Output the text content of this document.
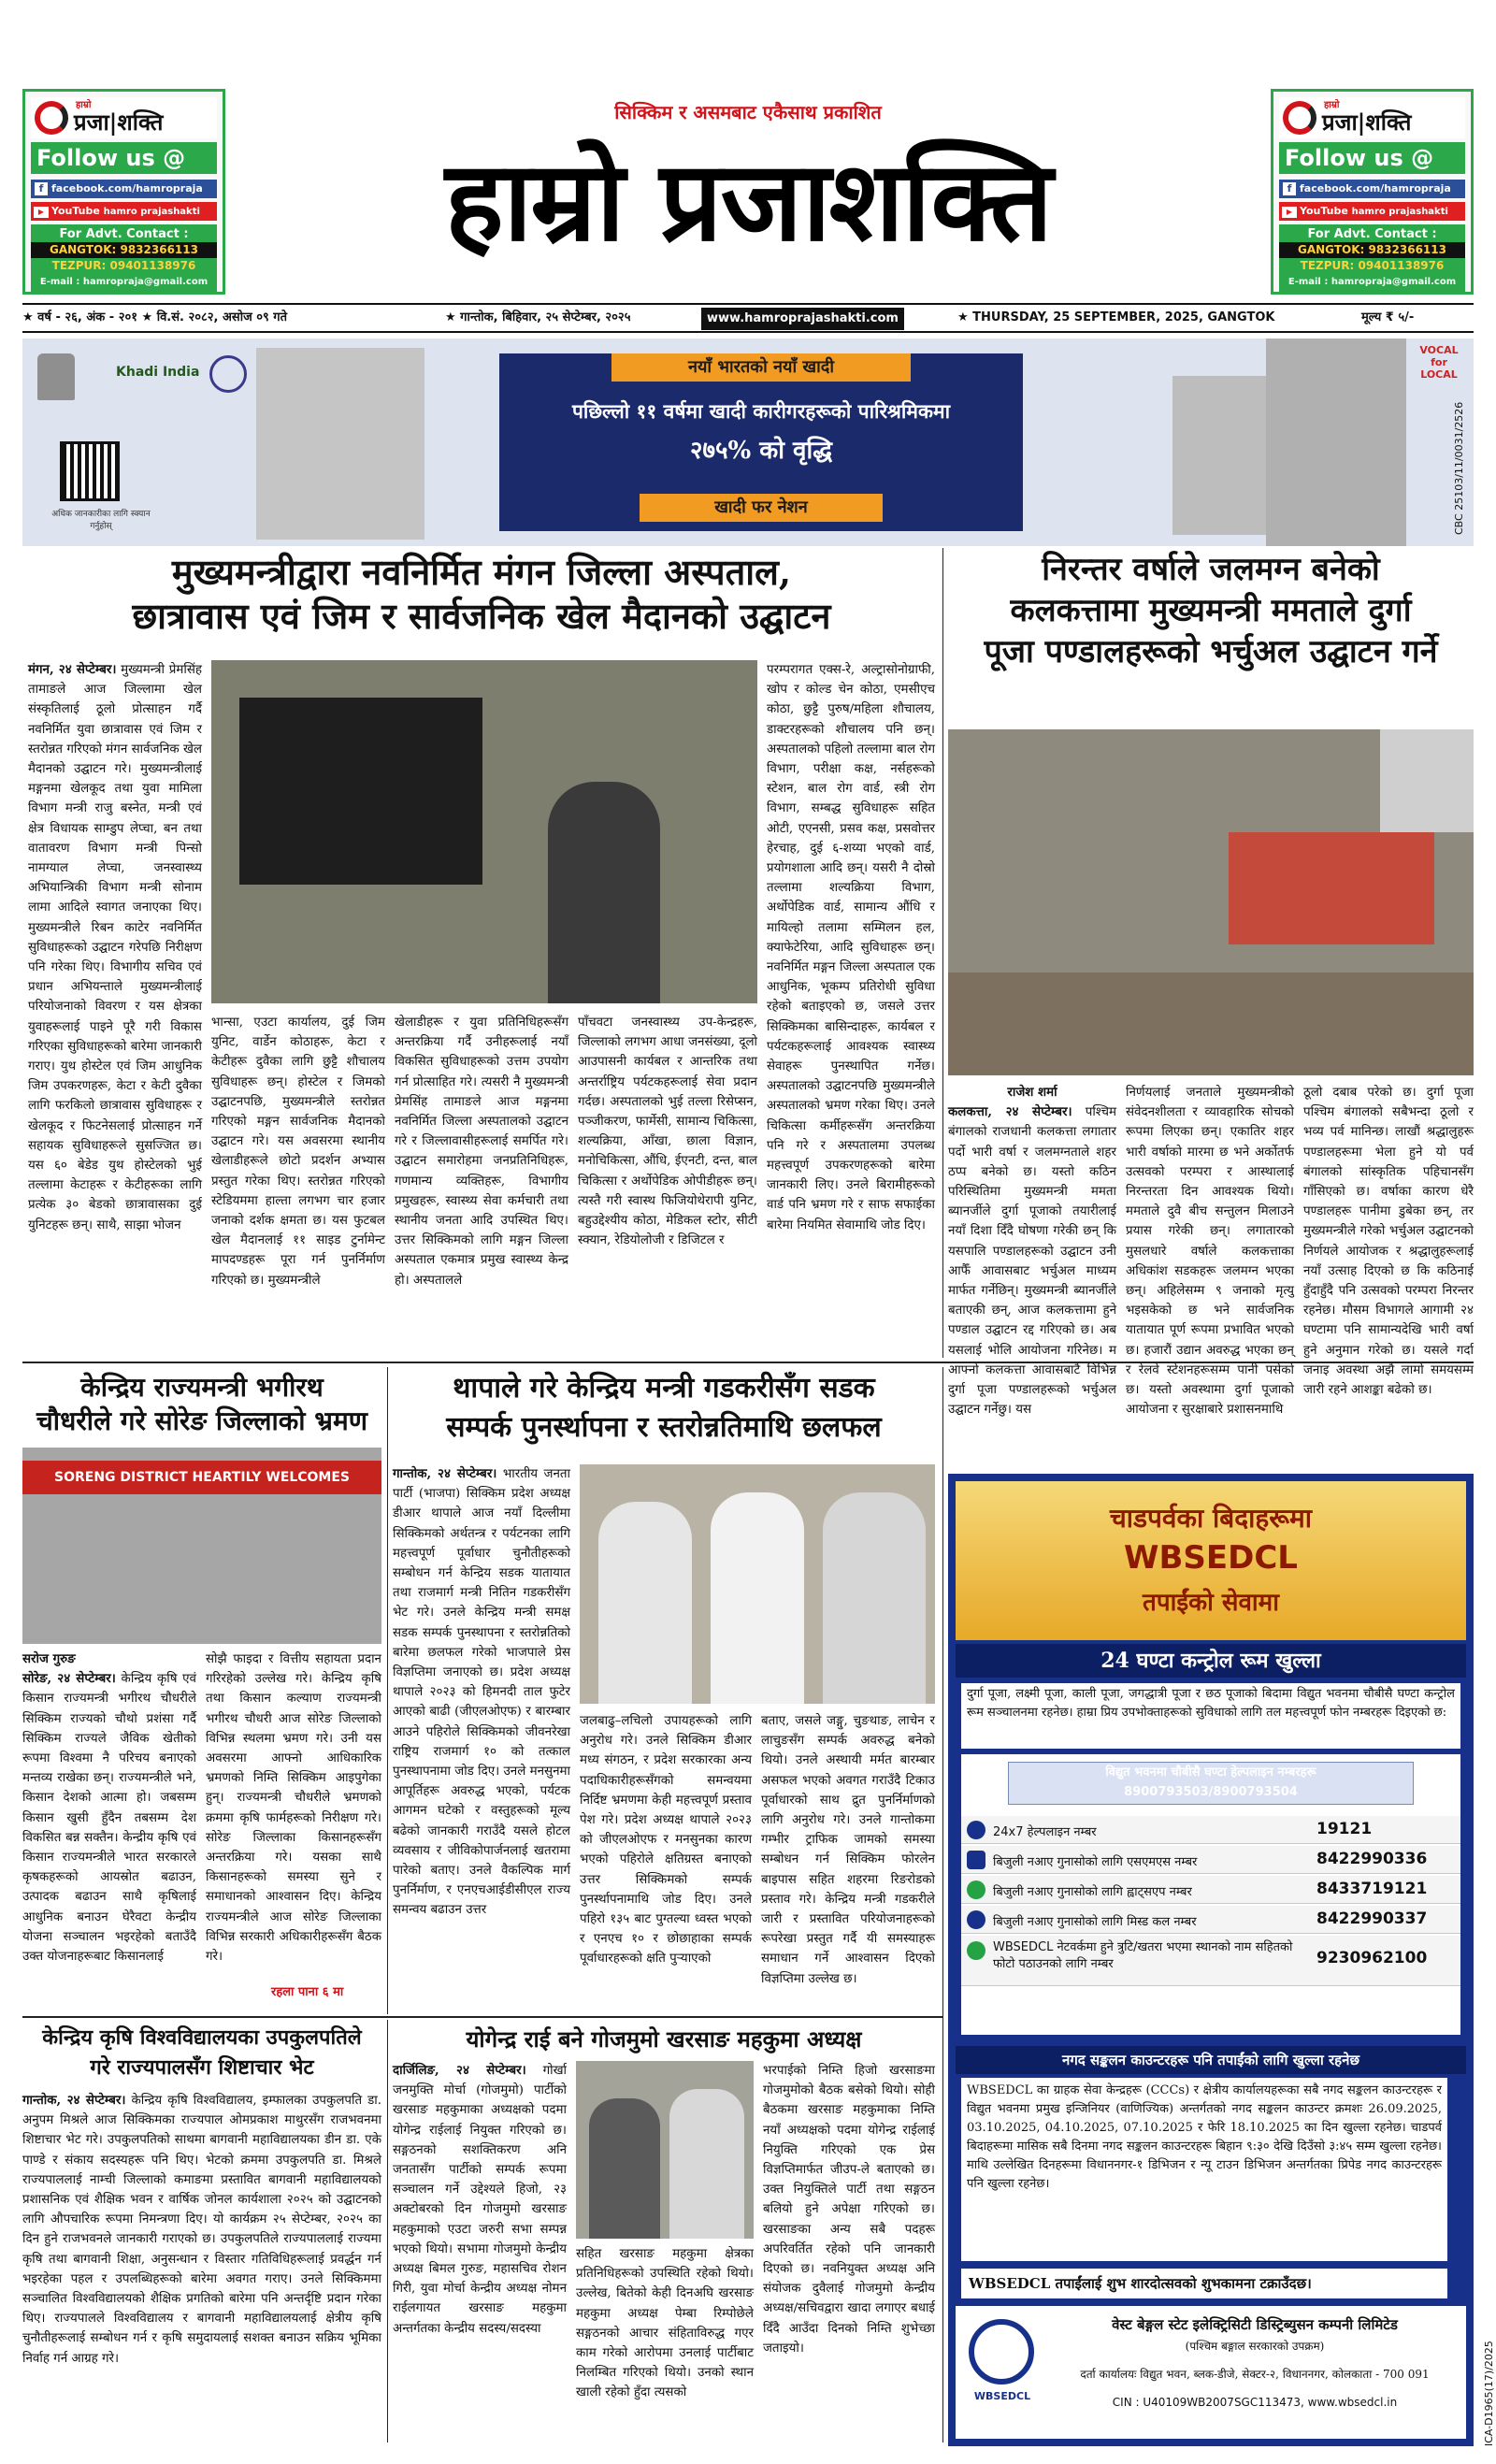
हाम्रो
प्रजा|शक्ति
Follow us @
f facebook.com/hamropraja
▶ YouTube hamro prajashakti
For Advt. Contact :
GANGTOK: 9832366113
TEZPUR: 09401138976
E-mail : hamropraja@gmail.com
हाम्रो
प्रजा|शक्ति
Follow us @
f facebook.com/hamropraja
▶ YouTube hamro prajashakti
For Advt. Contact :
GANGTOK: 9832366113
TEZPUR: 09401138976
E-mail : hamropraja@gmail.com
सिक्किम र असमबाट एकैसाथ प्रकाशित
हाम्रो प्रजाशक्ति
★ वर्ष - २६, अंक - २०१ ★ वि.सं. २०८२, असोज ०९ गते	★ गान्तोक, बिहिवार, २५ सेप्टेम्बर, २०२५	www.hamroprajashakti.com	★ THURSDAY, 25 SEPTEMBER, 2025, GANGTOK	मूल्य ₹ ५/-
Khadi India
अधिक जानकारीका लागि स्क्यान गर्नुहोस्
नयाँ भारतको नयाँ खादी
पछिल्लो ११ वर्षमा खादी कारीगरहरूको पारिश्रमिकमा
२७५% को वृद्धि
खादी फर नेशन
VOCAL for LOCAL
CBC 25103/11/0031/2526
मुख्यमन्त्रीद्वारा नवनिर्मित मंगन जिल्ला अस्पताल,
छात्रावास एवं जिम र सार्वजनिक खेल मैदानको उद्घाटन
मंगन, २४ सेप्टेम्बर। मुख्यमन्त्री प्रेमसिंह तामाङले आज जिल्लामा खेल संस्कृतिलाई ठूलो प्रोत्साहन गर्दै नवनिर्मित युवा छात्रावास एवं जिम र स्तरोन्नत गरिएको मंगन सार्वजनिक खेल मैदानको उद्घाटन गरे। मुख्यमन्त्रीलाई मङ्गनमा खेलकूद तथा युवा मामिला विभाग मन्त्री राजु बस्नेत, मन्त्री एवं क्षेत्र विधायक साम्डुप लेप्चा, बन तथा वातावरण विभाग मन्त्री पिन्सो नामग्याल लेप्चा, जनस्वास्थ्य अभियान्त्रिकी विभाग मन्त्री सोनाम लामा आदिले स्वागत जनाएका थिए। मुख्यमन्त्रीले रिबन काटेर नवनिर्मित सुविधाहरूको उद्घाटन गरेपछि निरीक्षण पनि गरेका थिए। विभागीय सचिव एवं प्रधान अभियन्ताले मुख्यमन्त्रीलाई परियोजनाको विवरण र यस क्षेत्रका युवाहरूलाई पाइने पूरै गरी विकास गरिएका सुविधाहरूको बारेमा जानकारी गराए। युथ होस्टेल एवं जिम आधुनिक जिम उपकरणहरू, केटा र केटी दुवैका लागि फरकिलो छात्रावास सुविधाहरू र खेलकूद र फिटनेसलाई प्रोत्साहन गर्ने सहायक सुविधाहरूले सुसज्जित छ। यस ६० बेडेड युथ होस्टेलको भुई तल्लामा केटाहरू र केटीहरूका लागि प्रत्येक ३० बेडको छात्रावासका दुई युनिटहरू छन्। साथै, साझा भोजन
भान्सा, एउटा कार्यालय, दुई जिम युनिट, वार्डेन कोठाहरू, केटा र केटीहरू दुवैका लागि छुट्टै शौचालय सुविधाहरू छन्। होस्टेल र जिमको उद्घाटनपछि, मुख्यमन्त्रीले स्तरोन्नत गरिएको मङ्गन सार्वजनिक मैदानको उद्घाटन गरे। यस अवसरमा स्थानीय खेलाडीहरूले छोटो प्रदर्शन अभ्यास प्रस्तुत गरेका थिए। स्तरोन्नत गरिएको स्टेडियममा हाल्ता लगभग चार हजार जनाको दर्शक क्षमता छ। यस फुटबल खेल मैदानलाई ११ साइड टुर्नामेन्ट मापदण्डहरू पूरा गर्न पुनर्निर्माण गरिएको छ। मुख्यमन्त्रीले
खेलाडीहरू र युवा प्रतिनिधिहरूसँग अन्तरक्रिया गर्दै उनीहरूलाई नयाँ विकसित सुविधाहरूको उत्तम उपयोग गर्न प्रोत्साहित गरे। त्यसरी नै मुख्यमन्त्री प्रेमसिंह तामाङले आज मङ्गनमा नवनिर्मित जिल्ला अस्पतालको उद्घाटन गरे र जिल्लावासीहरूलाई समर्पित गरे। उद्घाटन समारोहमा जनप्रतिनिधिहरू, गणमान्य व्यक्तिहरू, विभागीय प्रमुखहरू, स्वास्थ्य सेवा कर्मचारी तथा स्थानीय जनता आदि उपस्थित थिए। उत्तर सिक्किमको लागि मङ्गन जिल्ला अस्पताल एकमात्र प्रमुख स्वास्थ्य केन्द्र हो। अस्पतालले
पाँचवटा जनस्वास्थ्य उप-केन्द्रहरू, जिल्लाको लगभग आधा जनसंख्या, दूलो आउपासनी कार्यबल र आन्तरिक तथा अन्तर्राष्ट्रिय पर्यटकहरूलाई सेवा प्रदान गर्दछ। अस्पतालको भुई तल्ला रिसेप्सन, पञ्जीकरण, फार्मेसी, सामान्य चिकित्सा, शल्यक्रिया, आँखा, छाला विज्ञान, मनोचिकित्सा, औंधि, ईएनटी, दन्त, बाल चिकित्सा र अर्थोपेडिक ओपीडीहरू छन्। त्यस्तै गरी स्वास्थ फिजियोथेरापी युनिट, बहुउद्देश्यीय कोठा, मेडिकल स्टोर, सीटी स्क्यान, रेडियोलोजी र डिजिटल र
परम्परागत एक्स-रे, अल्ट्रासोनोग्राफी, खोप र कोल्ड चेन कोठा, एमसीएच कोठा, छुट्टै पुरुष/महिला शौचालय, डाक्टरहरूको शौचालय पनि छन्। अस्पतालको पहिलो तल्लामा बाल रोग विभाग, परीक्षा कक्ष, नर्सहरूको स्टेशन, बाल रोग वार्ड, स्त्री रोग विभाग, सम्बद्ध सुविधाहरू सहित ओटी, एएनसी, प्रसव कक्ष, प्रसवोत्तर हेरचाह, दुई ६-शय्या भएको वार्ड, प्रयोगशाला आदि छन्। यसरी नै दोस्रो तल्लामा शल्यक्रिया विभाग, अर्थोपेडिक वार्ड, सामान्य औंधि र मायिल्हो तलामा सम्मिलन हल, क्याफेटेरिया, आदि सुविधाहरू छन्। नवनिर्मित मङ्गन जिल्ला अस्पताल एक आधुनिक, भूकम्प प्रतिरोधी सुविधा रहेको बताइएको छ, जसले उत्तर सिक्किमका बासिन्दाहरू, कार्यबल र पर्यटकहरूलाई आवश्यक स्वास्थ्य सेवाहरू पुनस्थापित गर्नेछ। अस्पतालको उद्घाटनपछि मुख्यमन्त्रीले अस्पतालको भ्रमण गरेका थिए। उनले चिकित्सा कर्मीहरूसँग अन्तरक्रिया पनि गरे र अस्पतालमा उपलब्ध महत्त्वपूर्ण उपकरणहरूको बारेमा जानकारी लिए। उनले बिरामीहरूको वार्ड पनि भ्रमण गरे र साफ सफाईका बारेमा नियमित सेवामाथि जोड दिए।
निरन्तर वर्षाले जलमग्न बनेको
कलकत्तामा मुख्यमन्त्री ममताले दुर्गा
पूजा पण्डालहरूको भर्चुअल उद्घाटन गर्ने
राजेश शर्मा
कलकत्ता, २४ सेप्टेम्बर। पश्चिम बंगालको राजधानी कलकत्ता लगातार पर्दो भारी वर्षा र जलमग्नताले शहर ठप्प बनेको छ। यस्तो कठिन परिस्थितिमा मुख्यमन्त्री ममता ब्यानर्जीले दुर्गा पूजाको तयारीलाई नयाँ दिशा दिँदै घोषणा गरेकी छन् कि यसपालि पण्डालहरूको उद्घाटन उनी आफैँ आवासबाट भर्चुअल माध्यम मार्फत गर्नेछिन्। मुख्यमन्त्री ब्यानर्जीले बताएकी छन्, आज कलकत्तामा हुने पण्डाल उद्घाटन रद्द गरिएको छ। अब यसलाई भोलि आयोजना गरिनेछ। म आफ्नो कलकत्ता आवासबाटै विभिन्न दुर्गा पूजा पण्डालहरूको भर्चुअल उद्घाटन गर्नेछु। यस
निर्णयलाई जनताले मुख्यमन्त्रीको संवेदनशीलता र व्यावहारिक सोचको रूपमा लिएका छन्। एकातिर शहर भारी वर्षाको मारमा छ भने अर्कोतर्फ उत्सवको परम्परा र आस्थालाई निरन्तरता दिन आवश्यक थियो। ममताले दुवै बीच सन्तुलन मिलाउने प्रयास गरेकी छन्। लगातारको मुसलधारे वर्षाले कलकत्ताका अधिकांश सडकहरू जलमग्न भएका छन्। अहिलेसम्म ९ जनाको मृत्यु भइसकेको छ भने सार्वजनिक यातायात पूर्ण रूपमा प्रभावित भएको छ। हजारौं उद्यान अवरुद्ध भएका छन् र रेलवे स्टेशनहरूसम्म पानी पसेको छ। यस्तो अवस्थामा दुर्गा पूजाको आयोजना र सुरक्षाबारे प्रशासनमाथि
ठूलो दबाब परेको छ। दुर्गा पूजा पश्चिम बंगालको सबैभन्दा ठूलो र भव्य पर्व मानिन्छ। लाखौं श्रद्धालुहरू पण्डालहरूमा भेला हुने यो पर्व बंगालको सांस्कृतिक पहिचानसँग गाँसिएको छ। वर्षाका कारण धेरै पण्डालहरू पानीमा डुबेका छन्, तर मुख्यमन्त्रीले गरेको भर्चुअल उद्घाटनको निर्णयले आयोजक र श्रद्धालुहरूलाई नयाँ उत्साह दिएको छ कि कठिनाई हुँदाहुँदै पनि उत्सवको परम्परा निरन्तर रहनेछ। मौसम विभागले आगामी २४ घण्टामा पनि सामान्यदेखि भारी वर्षा हुने अनुमान गरेको छ। यसले गर्दा जनाइ अवस्था अझै लामो समयसम्म जारी रहने आशङ्का बढेको छ।
केन्द्रिय राज्यमन्त्री भगीरथ
चौधरीले गरे सोरेङ जिल्लाको भ्रमण
SORENG DISTRICT HEARTILY WELCOMES
सरोज गुरुङ
सोरेङ, २४ सेप्टेम्बर। केन्द्रिय कृषि एवं किसान राज्यमन्त्री भगीरथ चौधरीले सिक्किम राज्यको चौथो प्रशंसा गर्दै सिक्किम राज्यले जैविक खेतीको रूपमा विश्वमा नै परिचय बनाएको मन्तव्य राखेका छन्। राज्यमन्त्रीले भने, किसान देशको आत्मा हो। जबसम्म किसान खुसी हुँदैन तबसम्म देश विकसित बन्न सक्तैन। केन्द्रीय कृषि एवं किसान राज्यमन्त्रीले भारत सरकारले कृषकहरूको आयस्रोत बढाउन, उत्पादक बढाउन साथै कृषिलाई आधुनिक बनाउन घेरैवटा केन्द्रीय योजना सञ्चालन भइरहेको बताउँदै उक्त योजनाहरूबाट किसानलाई
सोझै फाइदा र वित्तीय सहायता प्रदान गरिरहेको उल्लेख गरे। केन्द्रिय कृषि तथा किसान कल्याण राज्यमन्त्री भगीरथ चौधरी आज सोरेङ जिल्लाको विभिन्न स्थलमा भ्रमण गरे। उनी यस अवसरमा आफ्नो आधिकारिक भ्रमणको निम्ति सिक्किम आइपुगेका हुन्। राज्यमन्त्री चौधरीले भ्रमणको क्रममा कृषि फार्महरूको निरीक्षण गरे। सोरेङ जिल्लाका किसानहरूसँग अन्तरक्रिया गरे। यसका साथै किसानहरूको समस्या सुने र समाधानको आश्वासन दिए। केन्द्रिय राज्यमन्त्रीले आज सोरेङ जिल्लाका विभिन्न सरकारी अधिकारीहरूसँग बैठक गरे।
रहला पाना ६ मा
थापाले गरे केन्द्रिय मन्त्री गडकरीसँग सडक
सम्पर्क पुनर्स्थापना र स्तरोन्नतिमाथि छलफल
गान्तोक, २४ सेप्टेम्बर। भारतीय जनता पार्टी (भाजपा) सिक्किम प्रदेश अध्यक्ष डीआर थापाले आज नयाँ दिल्लीमा सिक्किमको अर्थतन्त्र र पर्यटनका लागि महत्त्वपूर्ण पूर्वाधार चुनौतीहरूको सम्बोधन गर्न केन्द्रिय सडक यातायात तथा राजमार्ग मन्त्री नितिन गडकरीसँग भेट गरे। उनले केन्द्रिय मन्त्री समक्ष सडक सम्पर्क पुनस्थापना र स्तरोन्नतिको बारेमा छलफल गरेको भाजपाले प्रेस विज्ञप्तिमा जनाएको छ। प्रदेश अध्यक्ष थापाले २०२३ को हिमनदी ताल फुटेर आएको बाढी (जीएलओएफ) र बारम्बार आउने पहिरोले सिक्किमको जीवनरेखा राष्ट्रिय राजमार्ग १० को तत्काल पुनस्थापनामा जोड दिए। उनले मनसुनमा आपूर्तिहरू अवरुद्ध भएको, पर्यटक आगमन घटेको र वस्तुहरूको मूल्य बढेको जानकारी गराउँदै यसले होटल व्यवसाय र जीविकोपार्जनलाई खतरामा पारेको बताए। उनले वैकल्पिक मार्ग पुनर्निर्माण, र एनएचआईडीसीएल राज्य समन्वय बढाउन उत्तर
जलबाढु–लचिलो उपायहरूको लागि अनुरोध गरे। उनले सिक्किम डीआर मध्य संगठन, र प्रदेश सरकारका अन्य पदाधिकारीहरूसँगको समन्वयमा निर्दिष्ट भ्रमणमा केही महत्त्वपूर्ण प्रस्ताव पेश गरे। प्रदेश अध्यक्ष थापाले २०२३ को जीएलओएफ र मनसुनका कारण भएको पहिरोले क्षतिग्रस्त बनाएको उत्तर सिक्किमको सम्पर्क पुनर्स्थापनामाथि जोड दिए। उनले पहिरो १३५ बाट पुग्तल्या ध्वस्त भएको र एनएच १० र छोछाहाका सम्पर्क पूर्वाधारहरूको क्षति पुऱ्याएको
बताए, जसले जङ्गु, चुङथाङ, लाचेन र लाचुङसँग सम्पर्क अवरुद्ध बनेको थियो। उनले अस्थायी मर्मत बारम्बार असफल भएको अवगत गराउँदै टिकाउ पूर्वाधारको साथ द्रुत पुनर्निर्माणको लागि अनुरोध गरे। उनले गान्तोकमा गम्भीर ट्राफिक जामको समस्या सम्बोधन गर्न सिक्किम फोरलेन बाइपास सहित शहरमा रिङरोडको प्रस्ताव गरे। केन्द्रिय मन्त्री गडकरीले जारी र प्रस्तावित परियोजनाहरूको रूपरेखा प्रस्तुत गर्दै यी समस्याहरू समाधान गर्ने आश्वासन दिएको विज्ञप्तिमा उल्लेख छ।
केन्द्रिय कृषि विश्वविद्यालयका उपकुलपतिले
गरे राज्यपालसँग शिष्टाचार भेट
गान्तोक, २४ सेप्टेम्बर। केन्द्रिय कृषि विश्वविद्यालय, इम्फालका उपकुलपति डा. अनुपम मिश्रले आज सिक्किमका राज्यपाल ओमप्रकाश माथुरसँग राजभवनमा शिष्टाचार भेट गरे। उपकुलपतिको साथमा बागवानी महाविद्यालयका डीन डा. एके पाण्डे र संकाय सदस्यहरू पनि थिए। भेटको क्रममा उपकुलपति डा. मिश्रले राज्यपाललाई नाम्ची जिल्लाको कमाङमा प्रस्तावित बागवानी महाविद्यालयको प्रशासनिक एवं शैक्षिक भवन र वार्षिक जोनल कार्यशाला २०२५ को उद्घाटनको लागि औपचारिक रूपमा निमन्त्रणा दिए। यो कार्यक्रम २५ सेप्टेम्बर, २०२५ का दिन हुने राजभवनले जानकारी गराएको छ। उपकुलपतिले राज्यपाललाई राज्यमा कृषि तथा बागवानी शिक्षा, अनुसन्धान र विस्तार गतिविधिहरूलाई प्रवर्द्धन गर्न भइरहेका पहल र उपलब्धिहरूको बारेमा अवगत गराए। उनले सिक्किममा सञ्चालित विश्वविद्यालयको शैक्षिक प्रगतिको बारेमा पनि अन्तर्दृष्टि प्रदान गरेका थिए। राज्यपालले विश्वविद्यालय र बागवानी महाविद्यालयलाई क्षेत्रीय कृषि चुनौतीहरूलाई सम्बोधन गर्न र कृषि समुदायलाई सशक्त बनाउन सक्रिय भूमिका निर्वाह गर्न आग्रह गरे।
योगेन्द्र राई बने गोजमुमो खरसाङ महकुमा अध्यक्ष
दार्जिलिङ, २४ सेप्टेम्बर। गोर्खा जनमुक्ति मोर्चा (गोजमुमो) पार्टीको खरसाङ महकुमाका अध्यक्षको पदमा योगेन्द्र राईलाई नियुक्त गरिएको छ। सङ्गठनको सशक्तिकरण अनि जनतासँग पार्टीको सम्पर्क रूपमा सञ्चालन गर्ने उद्देश्यले हिजो, २३ अक्टोबरको दिन गोजमुमो खरसाङ महकुमाको एउटा जरुरी सभा सम्पन्न भएको थियो। सभामा गोजमुमो केन्द्रीय अध्यक्ष बिमल गुरुङ, महासचिव रोशन गिरी, युवा मोर्चा केन्द्रीय अध्यक्ष नोमन राईलगायत खरसाङ महकुमा अन्तर्गतका केन्द्रीय सदस्य/सदस्या
सहित खरसाङ महकुमा क्षेत्रका प्रतिनिधिहरूको उपस्थिति रहेको थियो। उल्लेख, बितेको केही दिनअघि खरसाङ महकुमा अध्यक्ष पेम्बा रिम्पोछेले सङ्गठनको आचार संहिताविरुद्ध गएर काम गरेको आरोपमा उनलाई पार्टीबाट निलम्बित गरिएको थियो। उनको स्थान खाली रहेको हुँदा त्यसको
भरपाईको निम्ति हिजो खरसाङमा गोजमुमोको बैठक बसेको थियो। सोही बैठकमा खरसाङ महकुमाका निम्ति नयाँ अध्यक्षको पदमा योगेन्द्र राईलाई नियुक्ति गरिएको एक प्रेस विज्ञप्तिमार्फत जीउप-ले बताएको छ। उक्त नियुक्तिले पार्टी तथा सङ्गठन बलियो हुने अपेक्षा गरिएको छ। खरसाङका अन्य सबै पदहरू अपरिवर्तित रहेको पनि जानकारी दिएको छ। नवनियुक्त अध्यक्ष अनि संयोजक दुवैलाई गोजमुमो केन्द्रीय अध्यक्ष/सचिवद्वारा खादा लगाएर बधाई दिँदै आउँदा दिनको निम्ति शुभेच्छा जताइयो।
चाडपर्वका बिदाहरूमा
WBSEDCL
तपाईंको सेवामा
24 घण्टा कन्ट्रोल रूम खुल्ला
दुर्गा पूजा, लक्ष्मी पूजा, काली पूजा, जगद्धात्री पूजा र छठ पूजाको बिदामा विद्युत भवनमा चौबीसै घण्टा कन्ट्रोल रूम सञ्चालनमा रहनेछ। हाम्रा प्रिय उपभोक्ताहरूको सुविधाको लागि तल महत्त्वपूर्ण फोन नम्बरहरू दिइएको छ:
विद्युत भवनमा चौबीसै घण्टा हेल्पलाइन नम्बरहरू
8900793503/8900793504
24x7 हेल्पलाइन नम्बर	19121
बिजुली नआए गुनासोको लागि एसएमएस नम्बर	8422990336
बिजुली नआए गुनासोको लागि ह्वाट्सएप नम्बर	8433719121
बिजुली नआए गुनासोको लागि मिस्ड कल नम्बर	8422990337
WBSEDCL नेटवर्कमा हुने त्रुटि/खतरा भएमा स्थानको नाम सहितको फोटो पठाउनको लागि नम्बर	9230962100
नगद सङ्कलन काउन्टरहरू पनि तपाईंको लागि खुल्ला रहनेछ
WBSEDCL का ग्राहक सेवा केन्द्रहरू (CCCs) र क्षेत्रीय कार्यालयहरूका सबै नगद सङ्कलन काउन्टरहरू र विद्युत भवनमा प्रमुख इन्जिनियर (वाणिज्यिक) अन्तर्गतको नगद सङ्कलन काउन्टर क्रमशः 26.09.2025, 03.10.2025, 04.10.2025, 07.10.2025 र फेरि 18.10.2025 का दिन खुल्ला रहनेछ। चाडपर्व बिदाहरूमा मासिक सबै दिनमा नगद सङ्कलन काउन्टरहरू बिहान ९:३० देखि दिउँसो ३:४५ सम्म खुल्ला रहनेछ। माथि उल्लेखित दिनहरूमा विधाननगर-१ डिभिजन र न्यू टाउन डिभिजन अन्तर्गतका प्रिपेड नगद काउन्टरहरू पनि खुल्ला रहनेछ।
WBSEDCL तपाईंलाई शुभ शारदोत्सवको शुभकामना टक्राउँदछ।
WBSEDCL
वेस्ट बेङ्गल स्टेट इलेक्ट्रिसिटी डिस्ट्रिब्युसन कम्पनी लिमिटेड
(पश्चिम बङ्गाल सरकारको उपक्रम)
दर्ता कार्यालयः विद्युत भवन, ब्लक-डीजे, सेक्टर-२, विधाननगर, कोलकाता - 700 091
CIN : U40109WB2007SGC113473, www.wbsedcl.in	ICA-D1965(17)/2025
